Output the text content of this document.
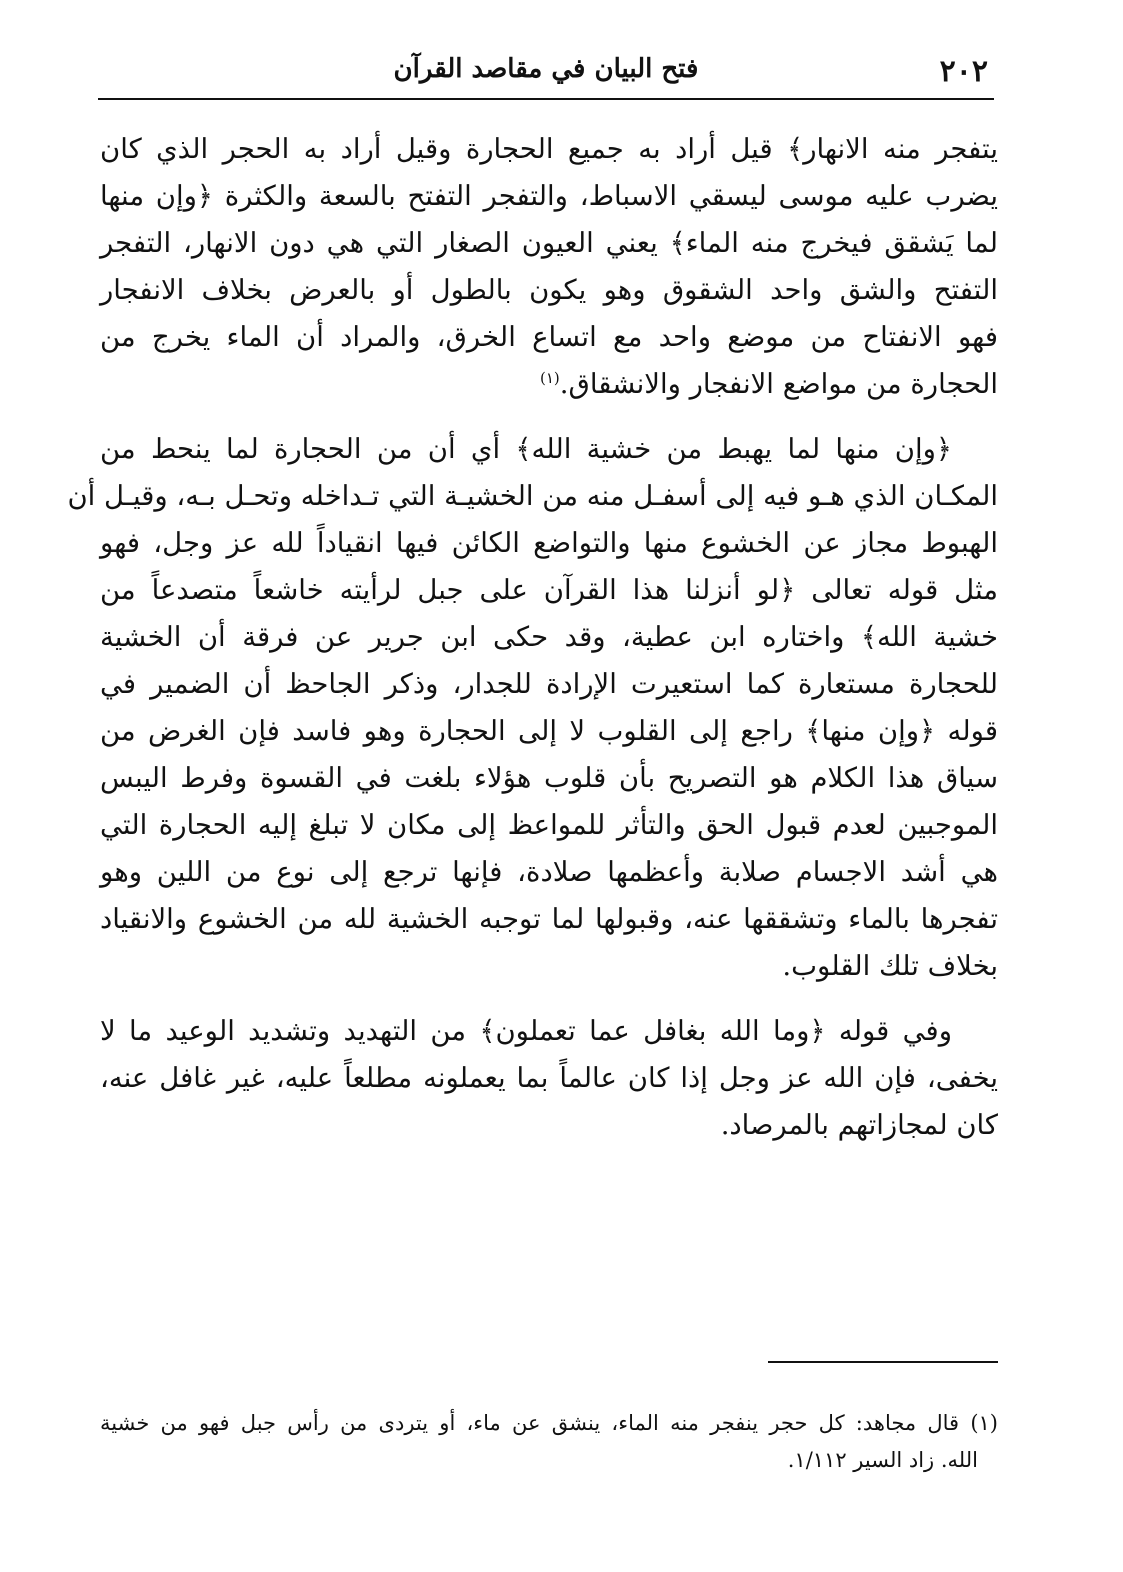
٢٠٢
فتح البيان في مقاصد القرآن

يتفجر منه الانهار﴾ قيل أراد به جميع الحجارة وقيل أراد به الحجر الذي كان
يضرب عليه موسى ليسقي الاسباط، والتفجر التفتح بالسعة والكثرة ﴿وإن منها
لما يَشقق فيخرج منه الماء﴾ يعني العيون الصغار التي هي دون الانهار، التفجر
التفتح والشق واحد الشقوق وهو يكون بالطول أو بالعرض بخلاف الانفجار
فهو الانفتاح من موضع واحد مع اتساع الخرق، والمراد أن الماء يخرج من
الحجارة من مواضع الانفجار والانشقاق.$^{(١)}$

﴿وإن منها لما يهبط من خشية الله﴾ أي أن من الحجارة لما ينحط من
المكـان الذي هـو فيه إلى أسفـل منه من الخشيـة التي تـداخله وتحـل بـه، وقيـل أن
الهبوط مجاز عن الخشوع منها والتواضع الكائن فيها انقياداً لله عز وجل، فهو
مثل قوله تعالى ﴿لو أنزلنا هذا القرآن على جبل لرأيته خاشعاً متصدعاً من
خشية الله﴾ واختاره ابن عطية، وقد حكى ابن جرير عن فرقة أن الخشية
للحجارة مستعارة كما استعيرت الإرادة للجدار، وذكر الجاحظ أن الضمير في
قوله ﴿وإن منها﴾ راجع إلى القلوب لا إلى الحجارة وهو فاسد فإن الغرض من
سياق هذا الكلام هو التصريح بأن قلوب هؤلاء بلغت في القسوة وفرط اليبس
الموجبين لعدم قبول الحق والتأثر للمواعظ إلى مكان لا تبلغ إليه الحجارة التي
هي أشد الاجسام صلابة وأعظمها صلادة، فإنها ترجع إلى نوع من اللين وهو
تفجرها بالماء وتشققها عنه، وقبولها لما توجبه الخشية لله من الخشوع والانقياد
بخلاف تلك القلوب.

وفي قوله ﴿وما الله بغافل عما تعملون﴾ من التهديد وتشديد الوعيد ما لا
يخفى، فإن الله عز وجل إذا كان عالماً بما يعملونه مطلعاً عليه، غير غافل عنه،
كان لمجازاتهم بالمرصاد.

(١) قال مجاهد: كل حجر ينفجر منه الماء، ينشق عن ماء، أو يتردى من رأس جبل فهو من خشية
الله. زاد السير ١/١١٢.
